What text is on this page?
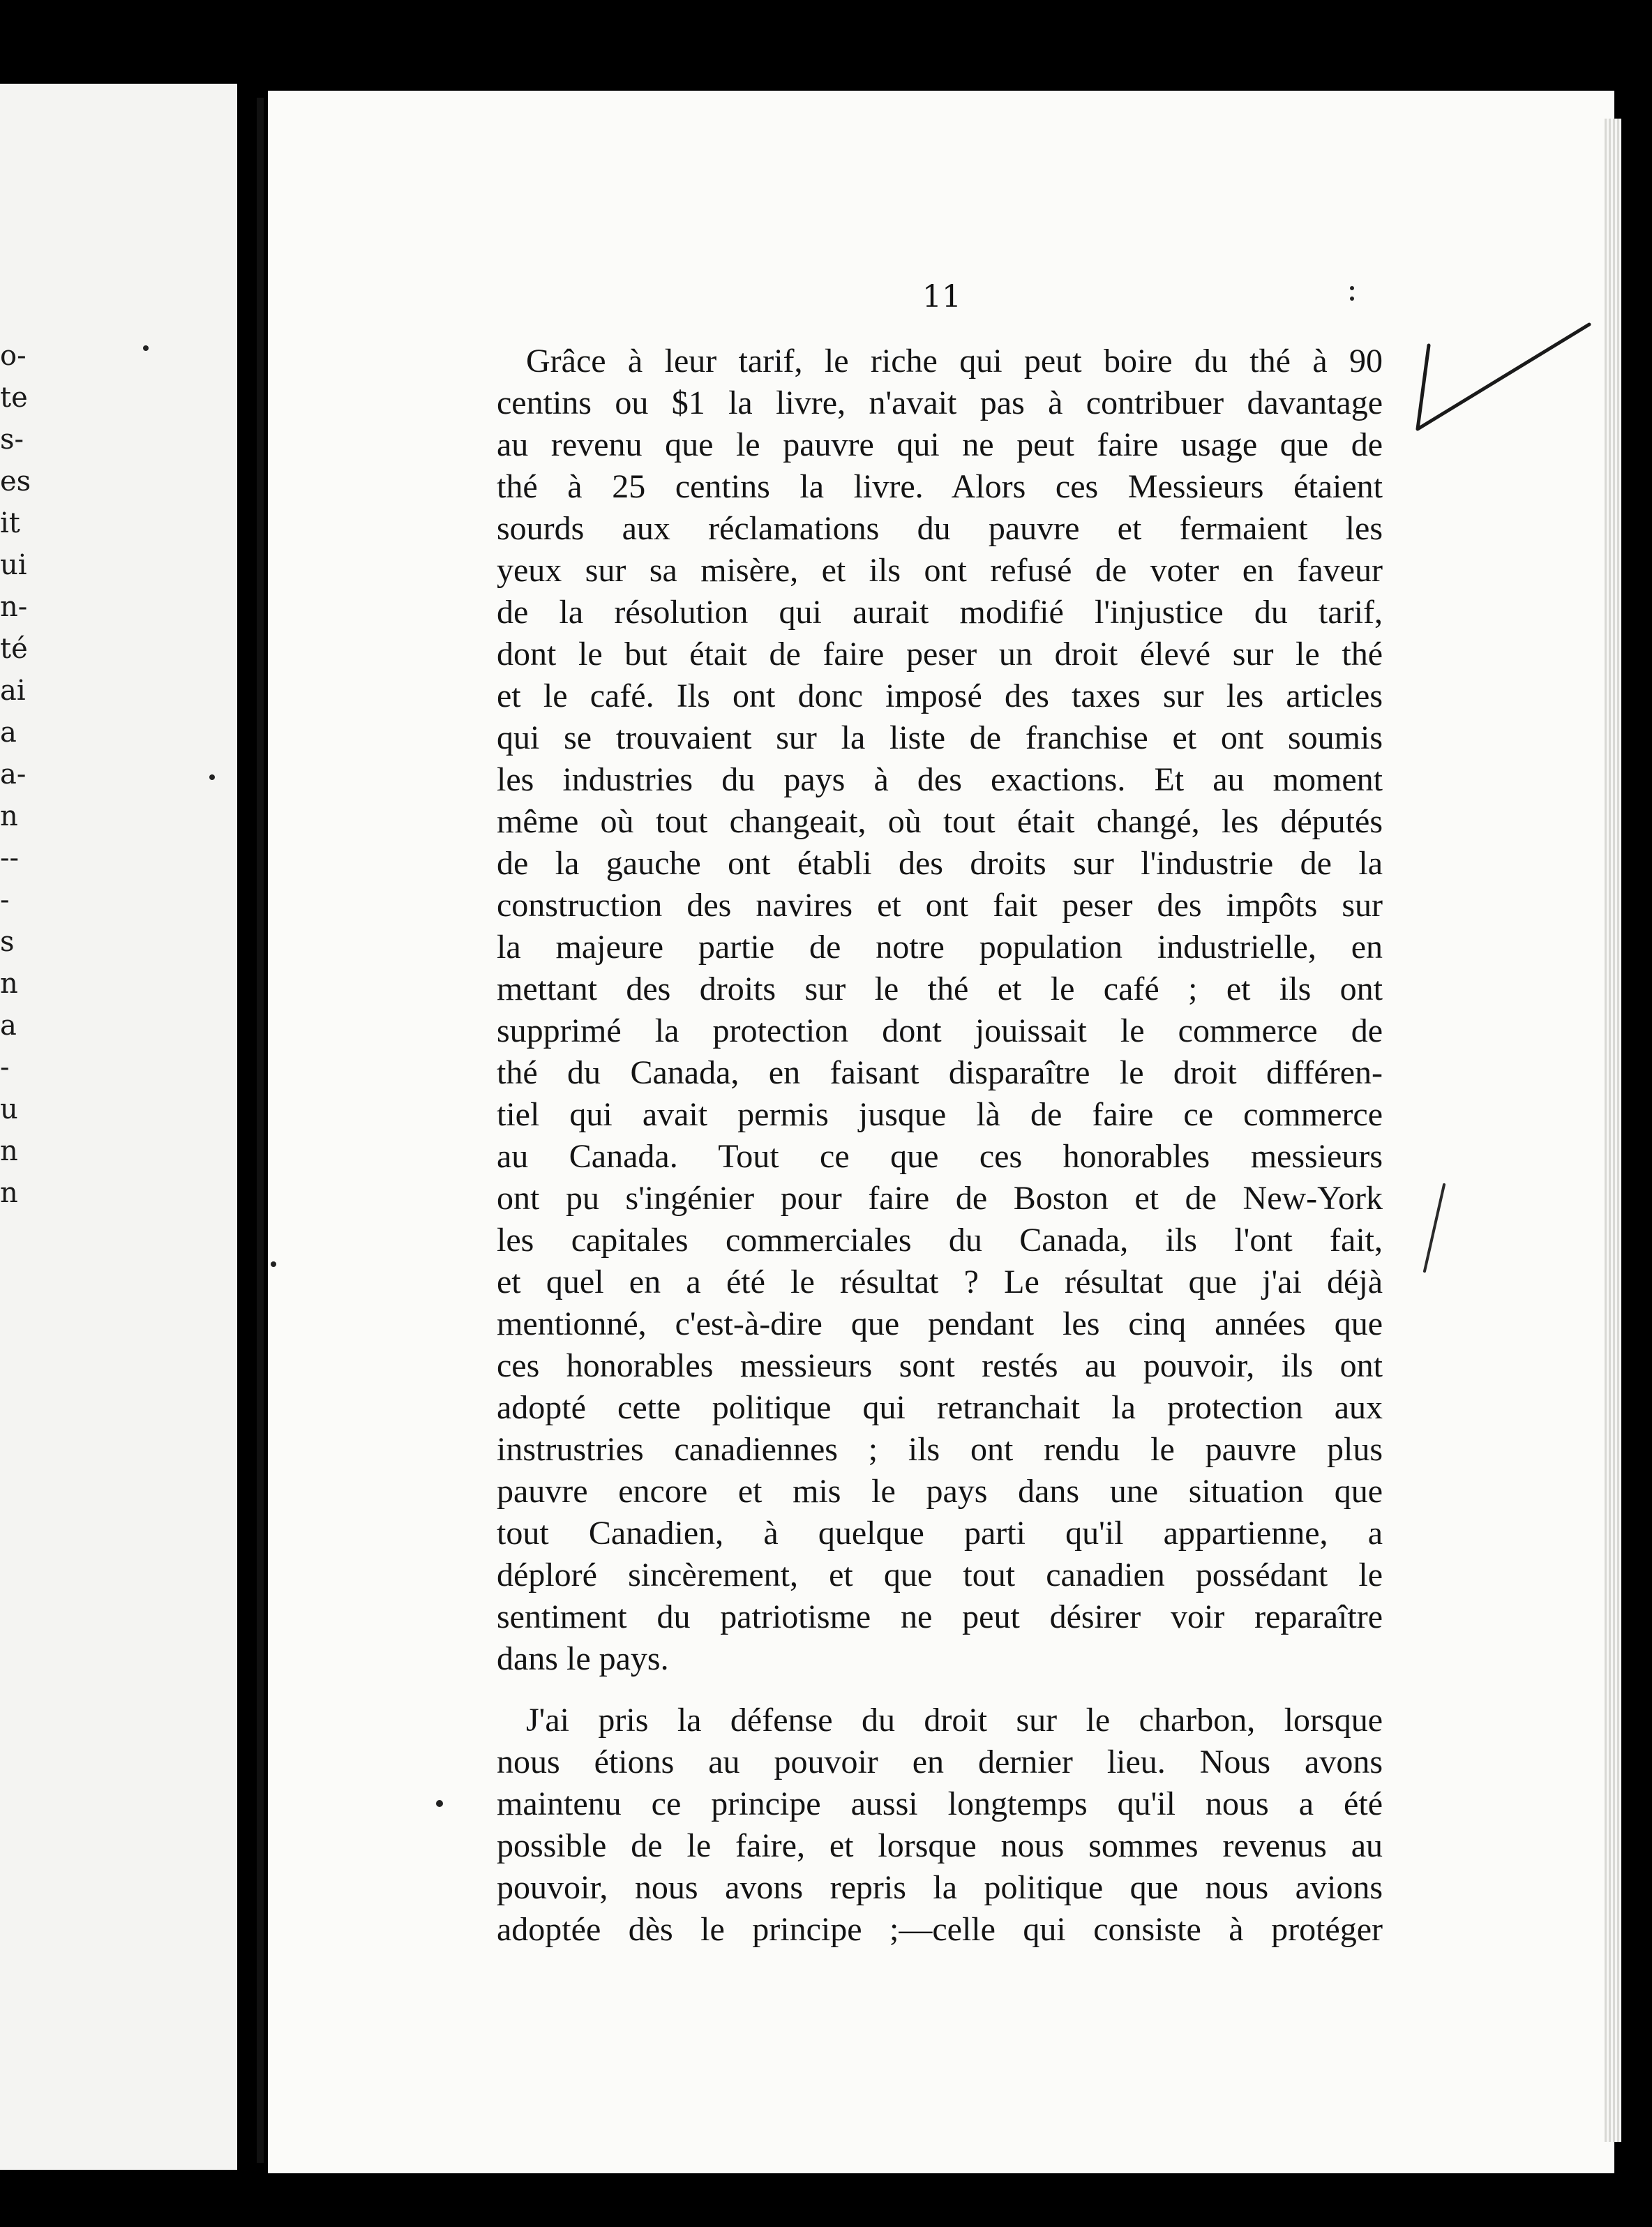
o-
te
s-
es
it
ui
n-
té
ai
a
a-
n
--
-
s
n
a
-
u
n
n
11
Grâce à leur tarif, le riche qui peut boire du thé à 90
centins ou $1 la livre, n'avait pas à contribuer davantage
au revenu que le pauvre qui ne peut faire usage que de
thé à 25 centins la livre. Alors ces Messieurs étaient
sourds aux réclamations du pauvre et fermaient les
yeux sur sa misère, et ils ont refusé de voter en faveur
de la résolution qui aurait modifié l'injustice du tarif,
dont le but était de faire peser un droit élevé sur le thé
et le café. Ils ont donc imposé des taxes sur les articles
qui se trouvaient sur la liste de franchise et ont soumis
les industries du pays à des exactions. Et au moment
même où tout changeait, où tout était changé, les députés
de la gauche ont établi des droits sur l'industrie de la
construction des navires et ont fait peser des impôts sur
la majeure partie de notre population industrielle, en
mettant des droits sur le thé et le café ; et ils ont
supprimé la protection dont jouissait le commerce de
thé du Canada, en faisant disparaître le droit différen-
tiel qui avait permis jusque là de faire ce commerce
au Canada. Tout ce que ces honorables messieurs
ont pu s'ingénier pour faire de Boston et de New-York
les capitales commerciales du Canada, ils l'ont fait,
et quel en a été le résultat ? Le résultat que j'ai déjà
mentionné, c'est-à-dire que pendant les cinq années que
ces honorables messieurs sont restés au pouvoir, ils ont
adopté cette politique qui retranchait la protection aux
instrustries canadiennes ; ils ont rendu le pauvre plus
pauvre encore et mis le pays dans une situation que
tout Canadien, à quelque parti qu'il appartienne, a
déploré sincèrement, et que tout canadien possédant le
sentiment du patriotisme ne peut désirer voir reparaître
dans le pays.
J'ai pris la défense du droit sur le charbon, lorsque
nous étions au pouvoir en dernier lieu. Nous avons
maintenu ce principe aussi longtemps qu'il nous a été
possible de le faire, et lorsque nous sommes revenus au
pouvoir, nous avons repris la politique que nous avions
adoptée dès le principe ;—celle qui consiste à protéger
